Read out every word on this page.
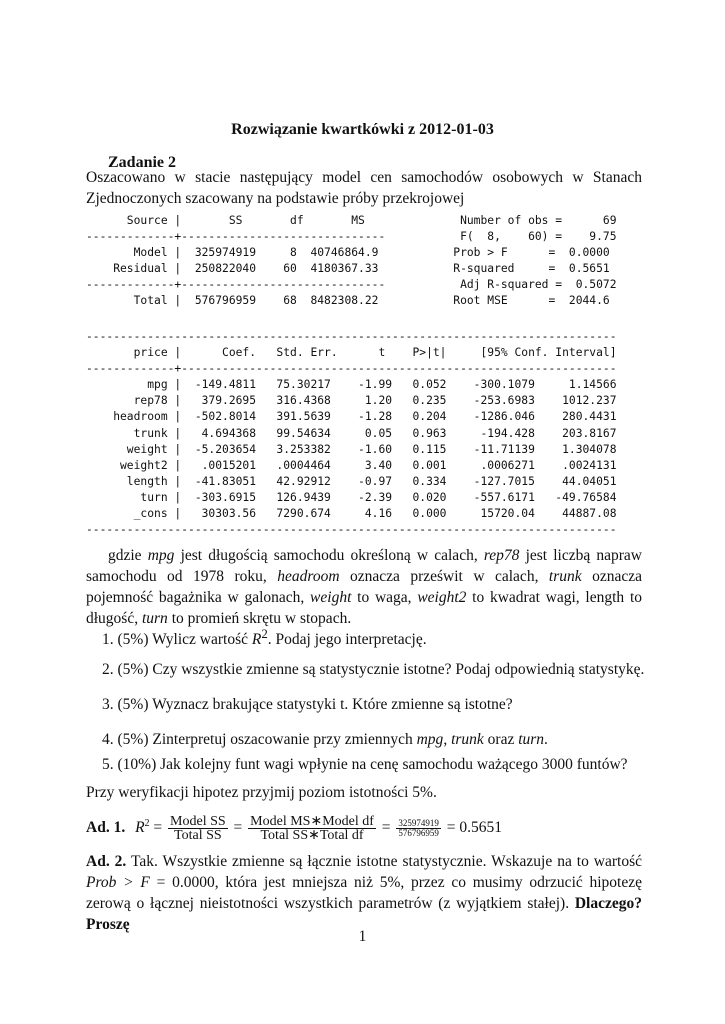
Rozwiązanie kwartkówki z 2012-01-03
Zadanie 2
Oszacowano w stacie następujący model cen samochodów osobowych w Stanach Zjednoczonych szacowany na podstawie próby przekrojowej
Source |       SS       df       MS              Number of obs =      69
-------------+------------------------------           F(  8,    60) =    9.75
Model |  325974919     8  40746864.9           Prob > F      =  0.0000
Residual |  250822040    60  4180367.33           R-squared     =  0.5651
-------------+------------------------------           Adj R-squared =  0.5072
Total |  576796959    68  8482308.22           Root MSE      =  2044.6
------------------------------------------------------------------------------
price |      Coef.   Std. Err.      t    P>|t|     [95% Conf. Interval]
-------------+----------------------------------------------------------------
mpg |  -149.4811   75.30217    -1.99   0.052    -300.1079     1.14566
rep78 |   379.2695   316.4368     1.20   0.235    -253.6983    1012.237
headroom |  -502.8014   391.5639    -1.28   0.204    -1286.046    280.4431
trunk |   4.694368   99.54634     0.05   0.963     -194.428    203.8167
weight |  -5.203654   3.253382    -1.60   0.115    -11.71139    1.304078
weight2 |   .0015201   .0004464     3.40   0.001     .0006271    .0024131
length |  -41.83051   42.92912    -0.97   0.334    -127.7015    44.04051
turn |  -303.6915   126.9439    -2.39   0.020    -557.6171   -49.76584
_cons |   30303.56   7290.674     4.16   0.000     15720.04    44887.08
------------------------------------------------------------------------------
gdzie mpg jest długością samochodu określoną w calach, rep78 jest liczbą napraw samochodu od 1978 roku, headroom oznacza prześwit w calach, trunk oznacza pojemność bagażnika w galonach, weight to waga, weight2 to kwadrat wagi, length to długość, turn to promień skrętu w stopach.
1. (5%) Wylicz wartość $R^2$. Podaj jego interpretację.
2. (5%) Czy wszystkie zmienne są statystycznie istotne? Podaj odpowiednią statystykę.
3. (5%) Wyznacz brakujące statystyki t. Które zmienne są istotne?
4. (5%) Zinterpretuj oszacowanie przy zmiennych mpg, trunk oraz turn.
5. (10%) Jak kolejny funt wagi wpłynie na cenę samochodu ważącego 3000 funtów?
Przy weryfikacji hipotez przyjmij poziom istotności 5%.
Ad. 1. $R^2 = \frac{\text{Model SS}}{\text{Total SS}} = \frac{\text{Model MS∗Model df}}{\text{Total SS∗Total df}} = \frac{325974919}{576796959} = 0.5651$
Ad. 2. Tak. Wszystkie zmienne są łącznie istotne statystycznie. Wskazuje na to wartość Prob > F = 0.0000, która jest mniejsza niż 5%, przez co musimy odrzucić hipotezę zerową o łącznej nieistotności wszystkich parametrów (z wyjątkiem stałej). Dlaczego? Proszę
1
